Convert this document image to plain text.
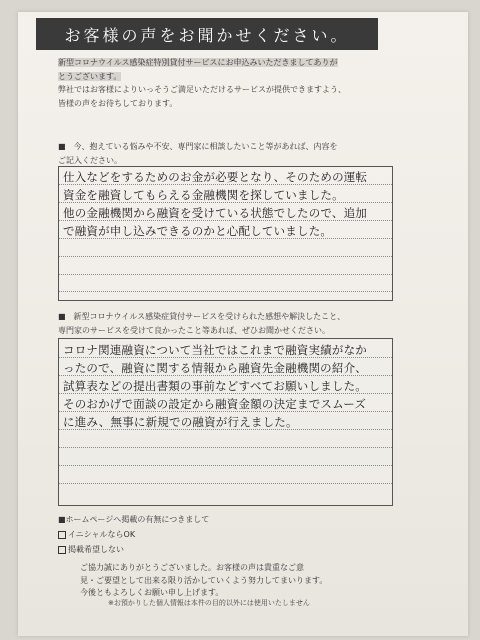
お客様の声をお聞かせください。
新型コロナウイルス感染症特別貸付サービスにお申込みいただきましてありが
とうございます。
弊社ではお客様によりいっそうご満足いただけるサービスが提供できますよう、
皆様の声をお待ちしております。
■　今、抱えている悩みや不安、専門家に相談したいこと等があれば、内容を
ご記入ください。
仕入などをするためのお金が必要となり、そのための運転
資金を融資してもらえる金融機関を探していました。
他の金融機関から融資を受けている状態でしたので、追加
で融資が申し込みできるのかと心配していました。
■　新型コロナウイルス感染症貸付サービスを受けられた感想や解決したこと、
専門家のサービスを受けて良かったこと等あれば、ぜひお聞かせください。
コロナ関連融資について当社ではこれまで融資実績がなか
ったので、融資に関する情報から融資先金融機関の紹介、
試算表などの提出書類の事前などすべてお願いしました。
そのおかげで面談の設定から融資金額の決定までスムーズ
に進み、無事に新規での融資が行えました。
■ホームページへ掲載の有無につきまして
イニシャルならOK
掲載希望しない
ご協力誠にありがとうございました。お客様の声は貴重なご意
見・ご要望として出来る限り活かしていくよう努力してまいります。
今後ともよろしくお願い申し上げます。
※お預かりした個人情報は本件の目的以外には使用いたしません
